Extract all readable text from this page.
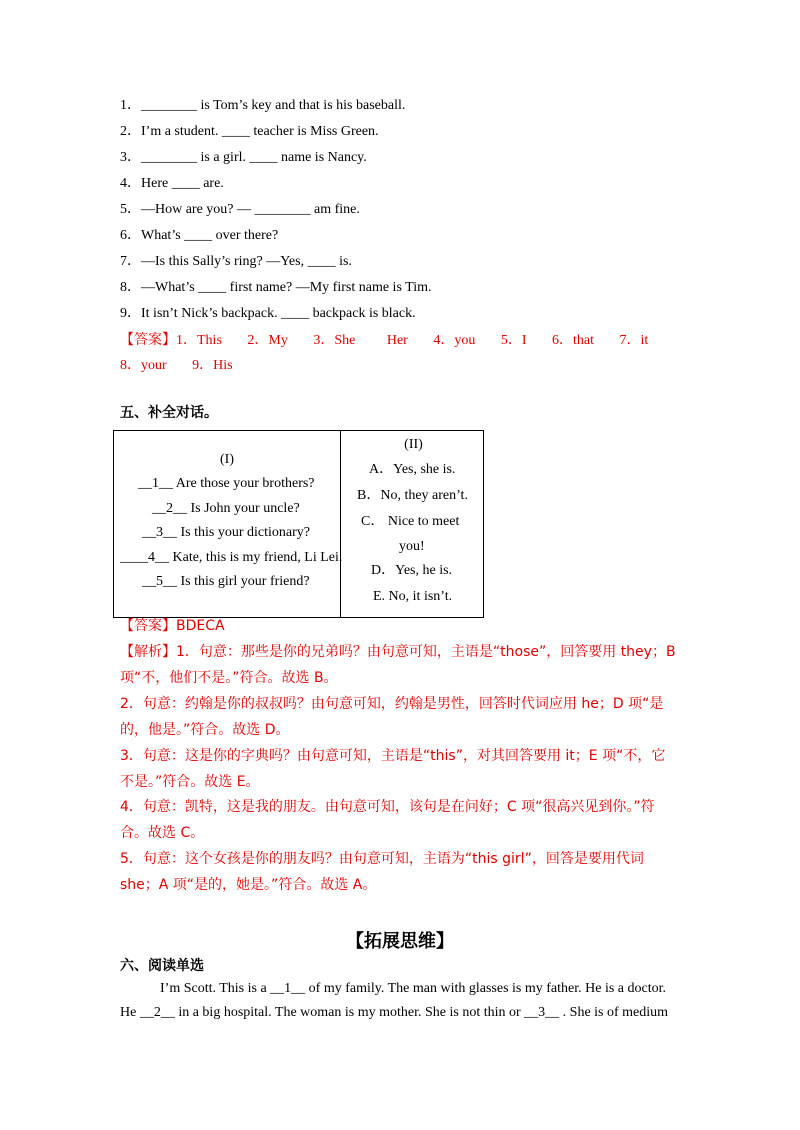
1．________ is Tom’s key and that is his baseball.
2．I’m a student. ____ teacher is Miss Green.
3．________ is a girl. ____ name is Nancy.
4．Here ____ are.
5．—How are you? — ________ am fine.
6．What’s ____ over there?
7．—Is this Sally’s ring? —Yes, ____ is.
8．—What’s ____ first name? —My first name is Tim.
9．It isn’t Nick’s backpack. ____ backpack is black.
【答案】1．This 2．My 3．She Her 4．you 5．I 6．that 7．it
8．your 9．His
五、补全对话。
(I)
__1__ Are those your brothers?
__2__ Is John your uncle?
__3__ Is this your dictionary?
____4__ Kate, this is my friend, Li Lei.
__5__ Is this girl your friend?

(II)
A．Yes, she is.
B．No, they aren’t.
C． Nice to meet
you!
D．Yes, he is.
E. No, it isn’t.
【答案】BDECA
【解析】1．句意：那些是你的兄弟吗？由句意可知，主语是“those”，回答要用 they；B
项“不，他们不是。”符合。故选 B。
2．句意：约翰是你的叔叔吗？由句意可知，约翰是男性，回答时代词应用 he；D 项“是
的，他是。”符合。故选 D。
3．句意：这是你的字典吗？由句意可知，主语是“this”，对其回答要用 it；E 项“不，它
不是。”符合。故选 E。
4．句意：凯特，这是我的朋友。由句意可知，该句是在问好；C 项“很高兴见到你。”符
合。故选 C。
5．句意：这个女孩是你的朋友吗？由句意可知，主语为“this girl”，回答是要用代词
she；A 项“是的，她是。”符合。故选 A。
【拓展思维】
六、阅读单选
I’m Scott. This is a __1__ of my family. The man with glasses is my father. He is a doctor.
He __2__ in a big hospital. The woman is my mother. She is not thin or __3__ . She is of medium
